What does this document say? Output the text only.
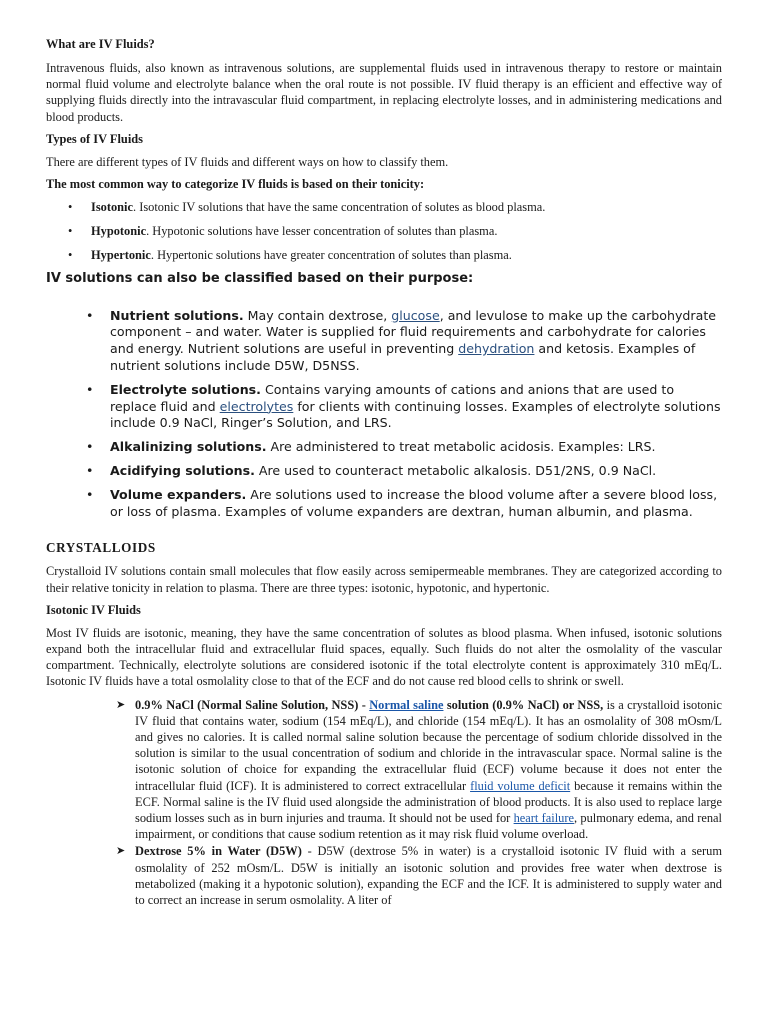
What are IV Fluids?

Intravenous fluids, also known as intravenous solutions, are supplemental fluids used in intravenous therapy to restore or maintain normal fluid volume and electrolyte balance when the oral route is not possible. IV fluid therapy is an efficient and effective way of supplying fluids directly into the intravascular fluid compartment, in replacing electrolyte losses, and in administering medications and blood products.

Types of IV Fluids

There are different types of IV fluids and different ways on how to classify them.

The most common way to categorize IV fluids is based on their tonicity:
• Isotonic. Isotonic IV solutions that have the same concentration of solutes as blood plasma.
• Hypotonic. Hypotonic solutions have lesser concentration of solutes than plasma.
• Hypertonic. Hypertonic solutions have greater concentration of solutes than plasma.

IV solutions can also be classified based on their purpose:

• Nutrient solutions. May contain dextrose, glucose, and levulose to make up the carbohydrate component – and water. Water is supplied for fluid requirements and carbohydrate for calories and energy. Nutrient solutions are useful in preventing dehydration and ketosis. Examples of nutrient solutions include D5W, D5NSS.
• Electrolyte solutions. Contains varying amounts of cations and anions that are used to replace fluid and electrolytes for clients with continuing losses. Examples of electrolyte solutions include 0.9 NaCl, Ringer’s Solution, and LRS.
• Alkalinizing solutions. Are administered to treat metabolic acidosis. Examples: LRS.
• Acidifying solutions. Are used to counteract metabolic alkalosis. D51/2NS, 0.9 NaCl.
• Volume expanders. Are solutions used to increase the blood volume after a severe blood loss, or loss of plasma. Examples of volume expanders are dextran, human albumin, and plasma.
CRYSTALLOIDS

Crystalloid IV solutions contain small molecules that flow easily across semipermeable membranes. They are categorized according to their relative tonicity in relation to plasma. There are three types: isotonic, hypotonic, and hypertonic.

Isotonic IV Fluids

Most IV fluids are isotonic, meaning, they have the same concentration of solutes as blood plasma. When infused, isotonic solutions expand both the intracellular fluid and extracellular fluid spaces, equally. Such fluids do not alter the osmolality of the vascular compartment. Technically, electrolyte solutions are considered isotonic if the total electrolyte content is approximately 310 mEq/L. Isotonic IV fluids have a total osmolality close to that of the ECF and do not cause red blood cells to shrink or swell.

➤ 0.9% NaCl (Normal Saline Solution, NSS) - Normal saline solution (0.9% NaCl) or NSS, is a crystalloid isotonic IV fluid that contains water, sodium (154 mEq/L), and chloride (154 mEq/L). It has an osmolality of 308 mOsm/L and gives no calories. It is called normal saline solution because the percentage of sodium chloride dissolved in the solution is similar to the usual concentration of sodium and chloride in the intravascular space. Normal saline is the isotonic solution of choice for expanding the extracellular fluid (ECF) volume because it does not enter the intracellular fluid (ICF). It is administered to correct extracellular fluid volume deficit because it remains within the ECF. Normal saline is the IV fluid used alongside the administration of blood products. It is also used to replace large sodium losses such as in burn injuries and trauma. It should not be used for heart failure, pulmonary edema, and renal impairment, or conditions that cause sodium retention as it may risk fluid volume overload.
➤ Dextrose 5% in Water (D5W) - D5W (dextrose 5% in water) is a crystalloid isotonic IV fluid with a serum osmolality of 252 mOsm/L. D5W is initially an isotonic solution and provides free water when dextrose is metabolized (making it a hypotonic solution), expanding the ECF and the ICF. It is administered to supply water and to correct an increase in serum osmolality. A liter of
